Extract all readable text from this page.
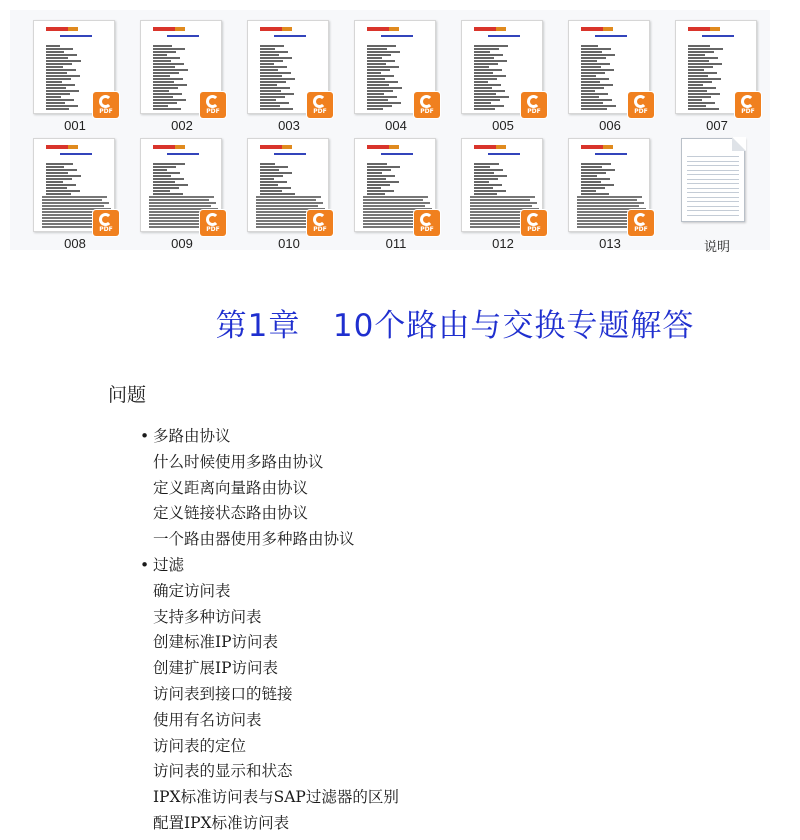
PDF
001
PDF
002
PDF
003
PDF
004
PDF
005
PDF
006
PDF
007
PDF
008
PDF
009
PDF
010
PDF
011
PDF
012
PDF
013	说明
第1章   10个路由与交换专题解答
问题
• 多路由协议
什么时候使用多路由协议
定义距离向量路由协议
定义链接状态路由协议
一个路由器使用多种路由协议
• 过滤
确定访问表
支持多种访问表
创建标准IP访问表
创建扩展IP访问表
访问表到接口的链接
使用有名访问表
访问表的定位
访问表的显示和状态
IPX标准访问表与SAP过滤器的区别
配置IPX标准访问表
